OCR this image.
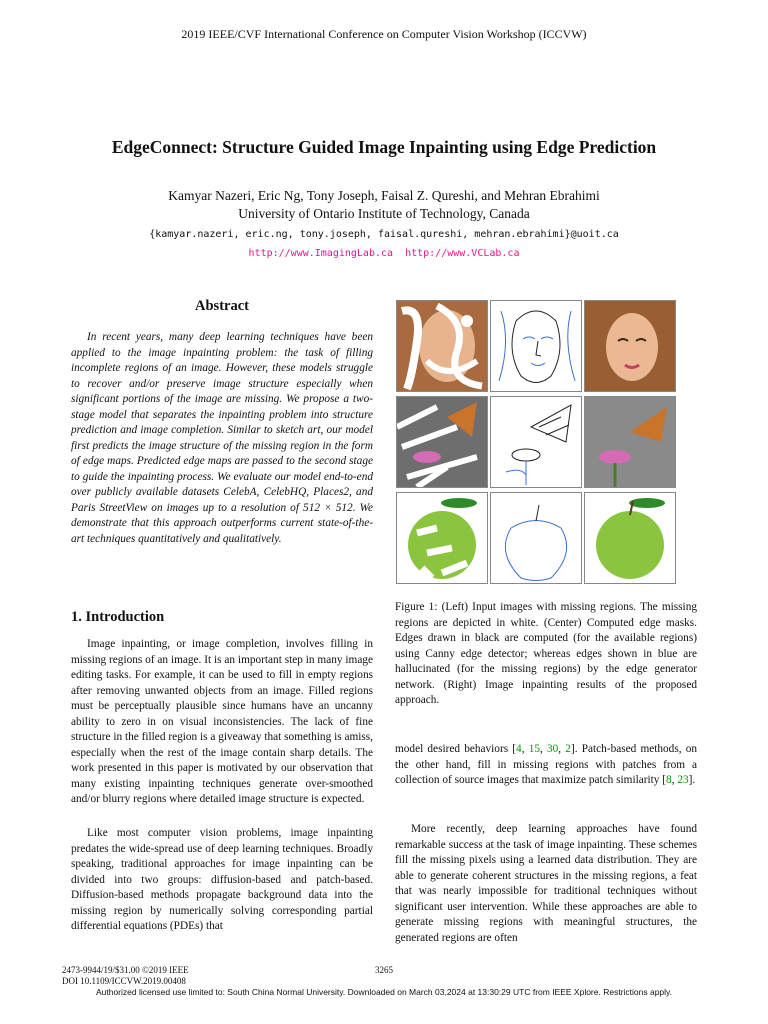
2019 IEEE/CVF International Conference on Computer Vision Workshop (ICCVW)
EdgeConnect: Structure Guided Image Inpainting using Edge Prediction
Kamyar Nazeri, Eric Ng, Tony Joseph, Faisal Z. Qureshi, and Mehran Ebrahimi
University of Ontario Institute of Technology, Canada
{kamyar.nazeri, eric.ng, tony.joseph, faisal.qureshi, mehran.ebrahimi}@uoit.ca
http://www.ImagingLab.ca http://www.VCLab.ca
Abstract
In recent years, many deep learning techniques have been applied to the image inpainting problem: the task of filling incomplete regions of an image. However, these models struggle to recover and/or preserve image structure especially when significant portions of the image are missing. We propose a two-stage model that separates the inpainting problem into structure prediction and image completion. Similar to sketch art, our model first predicts the image structure of the missing region in the form of edge maps. Predicted edge maps are passed to the second stage to guide the inpainting process. We evaluate our model end-to-end over publicly available datasets CelebA, CelebHQ, Places2, and Paris StreetView on images up to a resolution of 512 × 512. We demonstrate that this approach outperforms current state-of-the-art techniques quantitatively and qualitatively.
1. Introduction
Image inpainting, or image completion, involves filling in missing regions of an image. It is an important step in many image editing tasks. For example, it can be used to fill in empty regions after removing unwanted objects from an image. Filled regions must be perceptually plausible since humans have an uncanny ability to zero in on visual inconsistencies. The lack of fine structure in the filled region is a giveaway that something is amiss, especially when the rest of the image contain sharp details. The work presented in this paper is motivated by our observation that many existing inpainting techniques generate over-smoothed and/or blurry regions where detailed image structure is expected.
Like most computer vision problems, image inpainting predates the wide-spread use of deep learning techniques. Broadly speaking, traditional approaches for image inpainting can be divided into two groups: diffusion-based and patch-based. Diffusion-based methods propagate background data into the missing region by numerically solving corresponding partial differential equations (PDEs) that
Figure 1: (Left) Input images with missing regions. The missing regions are depicted in white. (Center) Computed edge masks. Edges drawn in black are computed (for the available regions) using Canny edge detector; whereas edges shown in blue are hallucinated (for the missing regions) by the edge generator network. (Right) Image inpainting results of the proposed approach.
model desired behaviors [4, 15, 30, 2]. Patch-based methods, on the other hand, fill in missing regions with patches from a collection of source images that maximize patch similarity [8, 23].
More recently, deep learning approaches have found remarkable success at the task of image inpainting. These schemes fill the missing pixels using a learned data distribution. They are able to generate coherent structures in the missing regions, a feat that was nearly impossible for traditional techniques without significant user intervention. While these approaches are able to generate missing regions with meaningful structures, the generated regions are often
2473-9944/19/$31.00 ©2019 IEEE
DOI 10.1109/ICCVW.2019.00408
3265
Authorized licensed use limited to: South China Normal University. Downloaded on March 03,2024 at 13:30:29 UTC from IEEE Xplore. Restrictions apply.
